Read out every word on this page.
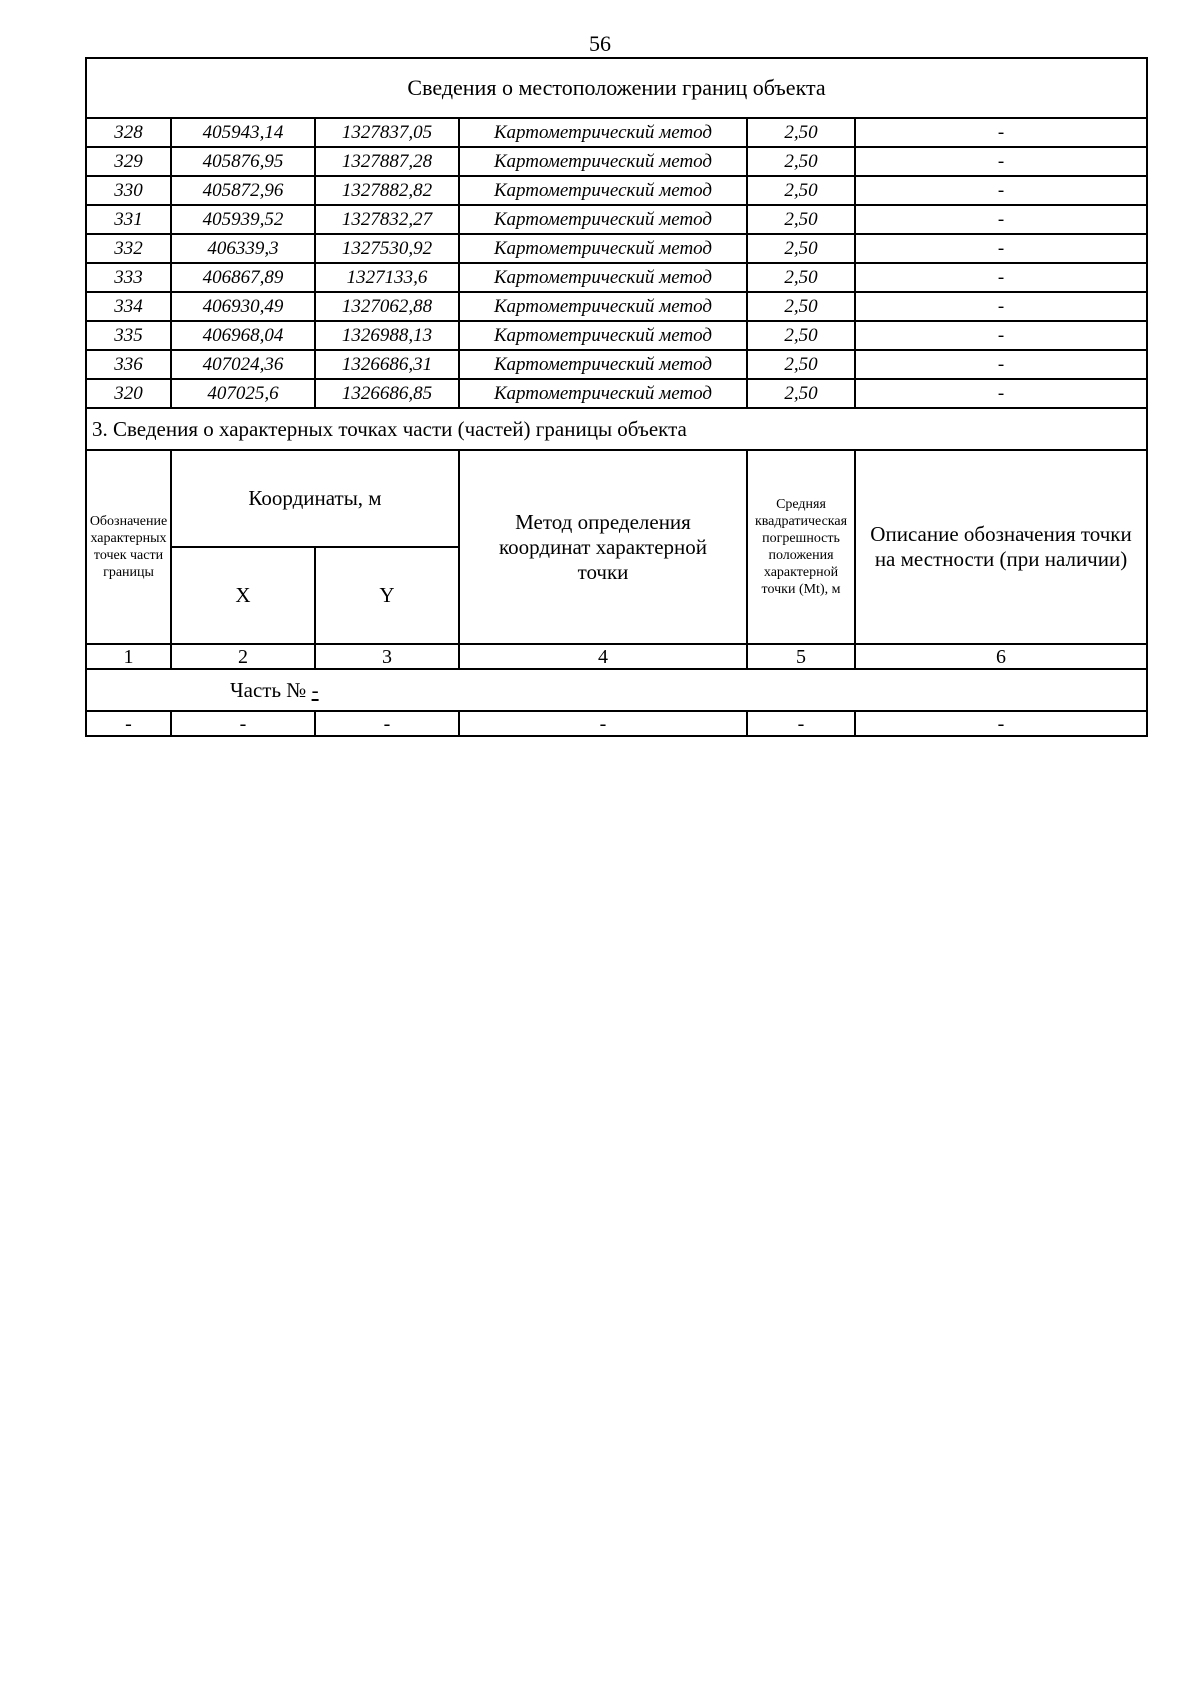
56
Сведения о местоположении границ объекта					
328	405943,14	1327837,05	Картометрический метод	2,50	-
329	405876,95	1327887,28	Картометрический метод	2,50	-
330	405872,96	1327882,82	Картометрический метод	2,50	-
331	405939,52	1327832,27	Картометрический метод	2,50	-
332	406339,3	1327530,92	Картометрический метод	2,50	-
333	406867,89	1327133,6	Картометрический метод	2,50	-
334	406930,49	1327062,88	Картометрический метод	2,50	-
335	406968,04	1326988,13	Картометрический метод	2,50	-
336	407024,36	1326686,31	Картометрический метод	2,50	-
320	407025,6	1326686,85	Картометрический метод	2,50	-
3. Сведения о характерных точках части (частей) границы объекта					
Обозначение характерных точек части границы	Координаты, м		Метод определения координат характерной точки	Средняя квадратическая погрешность положения характерной точки (Mt), м	Описание обозначения точки на местности (при наличии)
	X	Y			
1	2	3	4	5	6
Часть № -					
-	-	-	-	-	-
